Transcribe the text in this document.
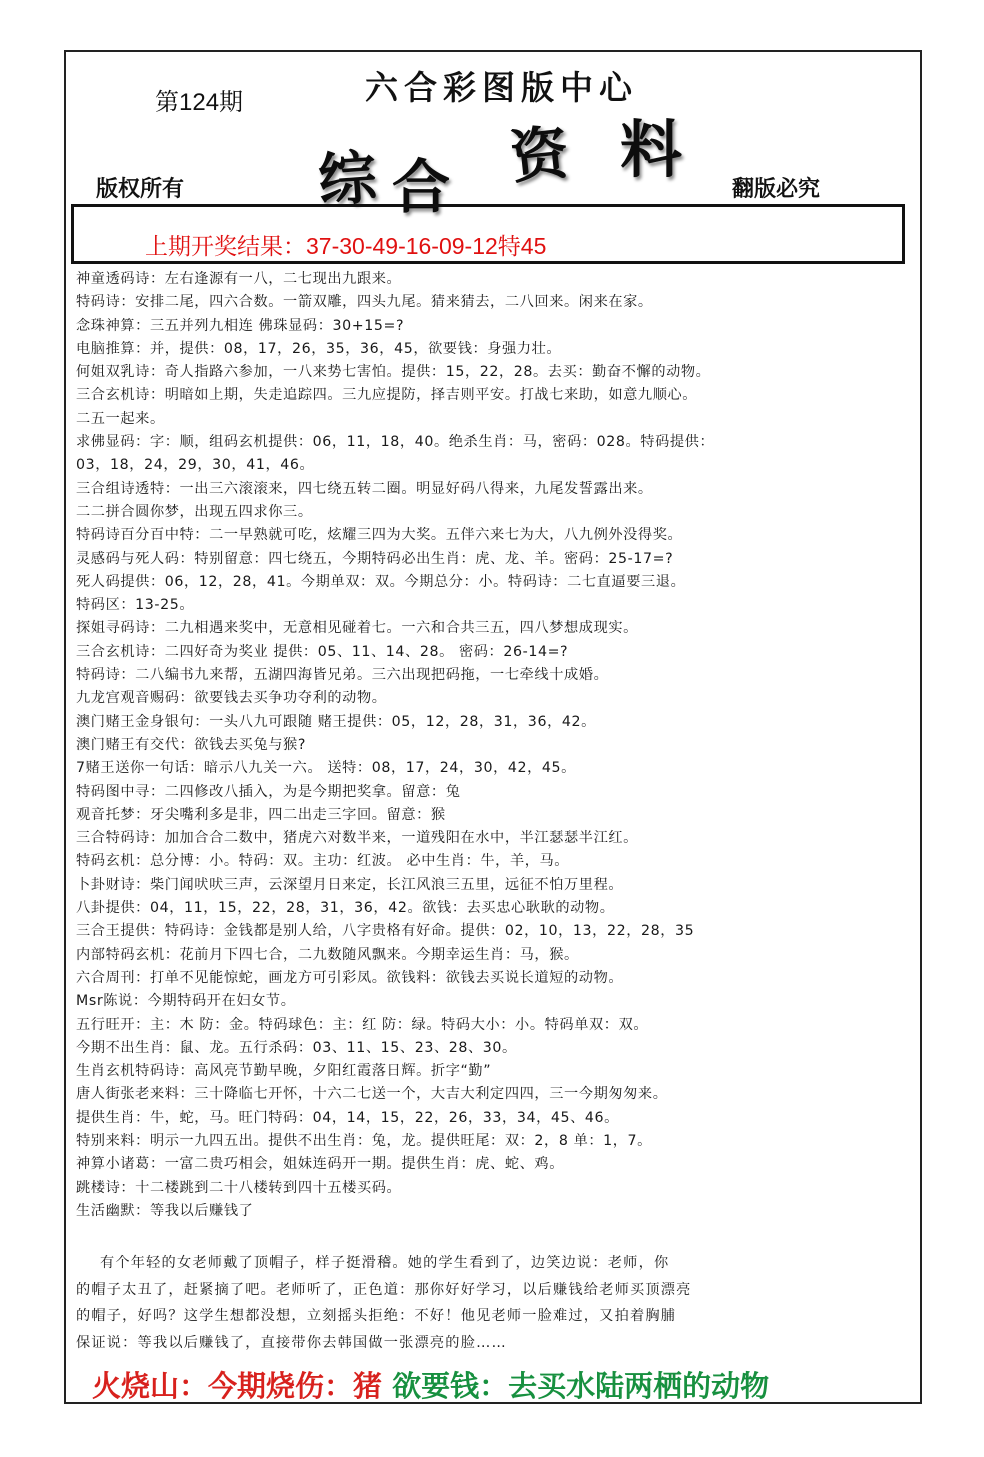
第124期	六合彩图版中心
综 合 资 料
版权所有	翻版必究
上期开奖结果：37-30-49-16-09-12特45
神童透码诗：左右逢源有一八，二七现出九跟来。
特码诗：安排二尾，四六合数。一箭双雕，四头九尾。猜来猜去，二八回来。闲来在家。
念珠神算：三五并列九相连 佛珠显码：30+15=?
电脑推算：并，提供：08，17，26，35，36，45，欲要钱：身强力壮。
何姐双乳诗：奇人指路六参加，一八来势七害怕。提供：15，22，28。去买：勤奋不懈的动物。
三合玄机诗：明暗如上期，失走追踪四。三九应提防，择吉则平安。打战七来助，如意九顺心。
二五一起来。
求佛显码：字：顺，组码玄机提供：06，11，18，40。绝杀生肖：马，密码：028。特码提供：
03，18，24，29，30，41，46。
三合组诗透特：一出三六滚滚来，四七绕五转二圈。明显好码八得来，九尾发誓露出来。
二二拼合圆你梦，出现五四求你三。
特码诗百分百中特：二一早熟就可吃，炫耀三四为大奖。五伴六来七为大，八九例外没得奖。
灵感码与死人码：特别留意：四七绕五，今期特码必出生肖：虎、龙、羊。密码：25-17=?
死人码提供：06，12，28，41。今期单双：双。今期总分：小。特码诗：二七直逼要三退。
特码区：13-25。
探姐寻码诗：二九相遇来奖中，无意相见碰着七。一六和合共三五，四八梦想成现实。
三合玄机诗：二四好奇为奖业 提供：05、11、14、28。 密码：26-14=?
特码诗：二八编书九来帮，五湖四海皆兄弟。三六出现把码拖，一七牵线十成婚。
九龙宫观音赐码：欲要钱去买争功夺利的动物。
澳门赌王金身银句：一头八九可跟随 赌王提供：05，12，28，31，36，42。
澳门赌王有交代：欲钱去买兔与猴?
7赌王送你一句话：暗示八九关一六。 送特：08，17，24，30，42，45。
特码图中寻：二四修改八插入，为是今期把奖拿。留意：兔
观音托梦：牙尖嘴利多是非，四二出走三字回。留意：猴
三合特码诗：加加合合二数中，猪虎六对数半来，一道残阳在水中，半江瑟瑟半江红。
特码玄机：总分博：小。特码：双。主功：红波。 必中生肖：牛，羊，马。
卜卦财诗：柴门闻吠吠三声，云深望月日来定，长江风浪三五里，远征不怕万里程。
八卦提供：04，11，15，22，28，31，36，42。欲钱：去买忠心耿耿的动物。
三合王提供：特码诗：金钱都是别人给，八字贵格有好命。提供：02，10，13，22，28，35
内部特码玄机：花前月下四七合，二九数随风飘来。今期幸运生肖：马，猴。
六合周刊：打单不见能惊蛇，画龙方可引彩凤。欲钱料：欲钱去买说长道短的动物。
Msr陈说：今期特码开在妇女节。
五行旺开：主：木 防：金。特码球色：主：红 防：绿。特码大小：小。特码单双：双。
今期不出生肖：鼠、龙。五行杀码：03、11、15、23、28、30。
生肖玄机特码诗：高风亮节勤早晚，夕阳红霞落日辉。折字“勤”
唐人街张老来料：三十降临七开怀，十六二七送一个，大吉大利定四四，三一今期匆匆来。
提供生肖：牛，蛇，马。旺门特码：04，14，15，22，26，33，34，45、46。
特别来料：明示一九四五出。提供不出生肖：兔，龙。提供旺尾：双：2，8 单：1，7。
神算小诸葛：一富二贵巧相会，姐妹连码开一期。提供生肖：虎、蛇、鸡。
跳楼诗：十二楼跳到二十八楼转到四十五楼买码。
生活幽默：等我以后赚钱了
有个年轻的女老师戴了顶帽子，样子挺滑稽。她的学生看到了，边笑边说：老师，你
的帽子太丑了，赶紧摘了吧。老师听了，正色道：那你好好学习，以后赚钱给老师买顶漂亮
的帽子，好吗？这学生想都没想，立刻摇头拒绝：不好！他见老师一脸难过，又拍着胸脯
保证说：等我以后赚钱了，直接带你去韩国做一张漂亮的脸……
火烧山：今期烧伤：猪 欲要钱：去买水陆两栖的动物
